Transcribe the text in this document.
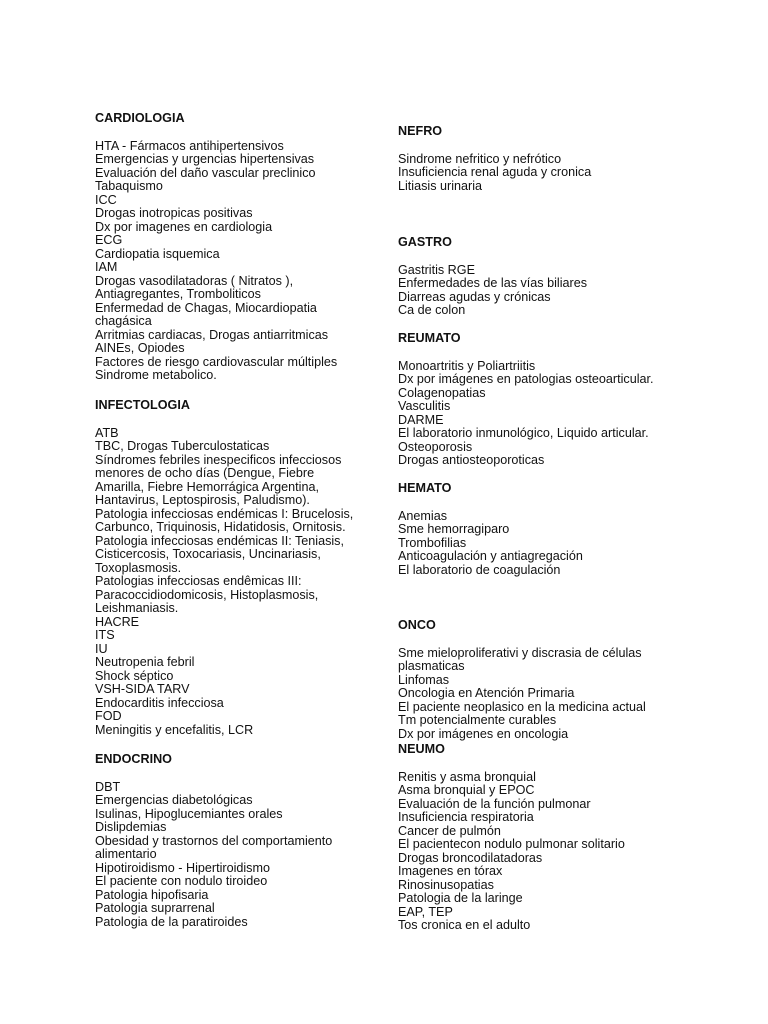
CARDIOLOGIA
HTA - Fármacos antihipertensivos
Emergencias y urgencias hipertensivas
Evaluación del daño vascular preclinico
Tabaquismo
ICC
Drogas inotropicas positivas
Dx por imagenes en cardiologia
ECG
Cardiopatia isquemica
IAM
Drogas vasodilatadoras ( Nitratos ),
Antiagregantes, Tromboliticos
Enfermedad de Chagas, Miocardiopatia
chagásica
Arritmias cardiacas, Drogas antiarritmicas
AINEs, Opiodes
Factores de riesgo cardiovascular múltiples
Sindrome metabolico.
INFECTOLOGIA
ATB
TBC, Drogas Tuberculostaticas
Síndromes febriles inespecificos infecciosos
menores de ocho días (Dengue, Fiebre
Amarilla, Fiebre Hemorrágica Argentina,
Hantavirus, Leptospirosis, Paludismo).
Patologia infecciosas endémicas I: Brucelosis,
Carbunco, Triquinosis, Hidatidosis, Ornitosis.
Patologia infecciosas endémicas II: Teniasis,
Cisticercosis, Toxocariasis, Uncinariasis,
Toxoplasmosis.
Patologias infecciosas endêmicas III:
Paracoccidiodomicosis, Histoplasmosis,
Leishmaniasis.
HACRE
ITS
IU
Neutropenia febril
Shock séptico
VSH-SIDA TARV
Endocarditis infecciosa
FOD
Meningitis y encefalitis, LCR
ENDOCRINO
DBT
Emergencias diabetológicas
Isulinas, Hipoglucemiantes orales
Dislipdemias
Obesidad y trastornos del comportamiento
alimentario
Hipotiroidismo - Hipertiroidismo
El paciente con nodulo tiroideo
Patologia hipofisaria
Patologia suprarrenal
Patologia de la paratiroides
NEFRO
Sindrome nefritico y nefrótico
Insuficiencia renal aguda y cronica
Litiasis urinaria
GASTRO
Gastritis RGE
Enfermedades de las vías biliares
Diarreas agudas y crónicas
Ca de colon
REUMATO
Monoartritis y Poliartriitis
Dx por imágenes en patologias osteoarticular.
Colagenopatias
Vasculitis
DARME
El laboratorio inmunológico, Liquido articular.
Osteoporosis
Drogas antiosteoporoticas
HEMATO
Anemias
Sme hemorragiparo
Trombofilias
Anticoagulación y antiagregación
El laboratorio de coagulación
ONCO
Sme mieloproliferativi y discrasia de células
plasmaticas
Linfomas
Oncologia en Atención Primaria
El paciente neoplasico en la medicina actual
Tm potencialmente curables
Dx por imágenes en oncologia
NEUMO
Renitis y asma bronquial
Asma bronquial y EPOC
Evaluación de la función pulmonar
Insuficiencia respiratoria
Cancer de pulmón
El pacientecon nodulo pulmonar solitario
Drogas broncodilatadoras
Imagenes en tórax
Rinosinusopatias
Patologia de la laringe
EAP, TEP
Tos cronica en el adulto
